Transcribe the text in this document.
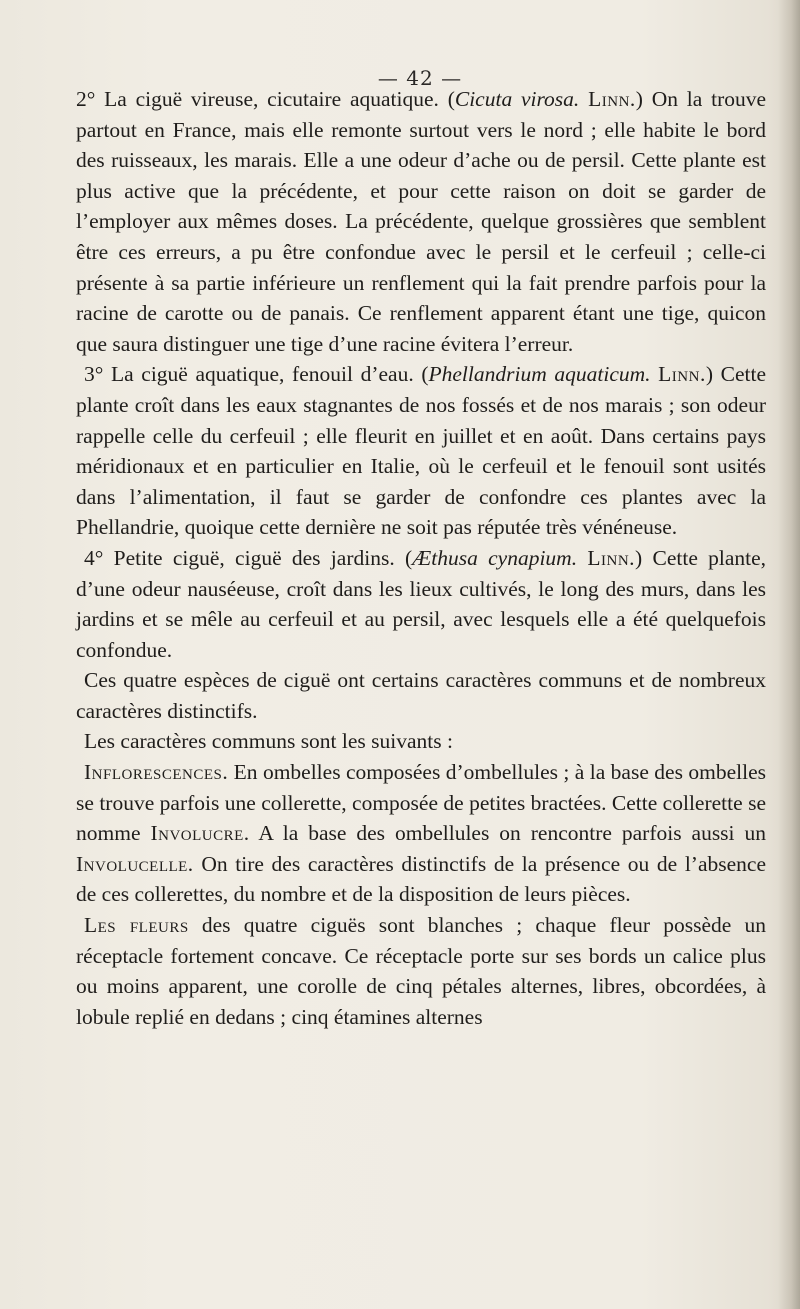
— 42 —

2° La ciguë vireuse, cicutaire aquatique. (Cicuta virosa. Linn.) On la trouve partout en France, mais elle remonte surtout vers le nord ; elle habite le bord des ruisseaux, les marais. Elle a une odeur d’ache ou de persil. Cette plante est plus active que la précédente, et pour cette raison on doit se garder de l’employer aux mêmes doses. La précédente, quelque grossières que semblent être ces erreurs, a pu être confondue avec le persil et le cerfeuil ; celle-ci présente à sa partie inférieure un renflement qui la fait prendre parfois pour la racine de carotte ou de panais. Ce renflement apparent étant une tige, quicon que saura distinguer une tige d’une racine évitera l’erreur.

3° La ciguë aquatique, fenouil d’eau. (Phellandrium aquaticum. Linn.) Cette plante croît dans les eaux stagnantes de nos fossés et de nos marais ; son odeur rappelle celle du cerfeuil ; elle fleurit en juillet et en août. Dans certains pays méridionaux et en particulier en Italie, où le cerfeuil et le fenouil sont usités dans l’alimentation, il faut se garder de confondre ces plantes avec la Phellandrie, quoique cette dernière ne soit pas réputée très vénéneuse.

4° Petite ciguë, ciguë des jardins. (Æthusa cynapium. Linn.) Cette plante, d’une odeur nauséeuse, croît dans les lieux cultivés, le long des murs, dans les jardins et se mêle au cerfeuil et au persil, avec lesquels elle a été quelquefois confondue.

Ces quatre espèces de ciguë ont certains caractères communs et de nombreux caractères distinctifs.

Les caractères communs sont les suivants :

Inflorescences. En ombelles composées d’ombellules ; à la base des ombelles se trouve parfois une collerette, composée de petites bractées. Cette collerette se nomme Involucre. A la base des ombellules on rencontre parfois aussi un Involucelle. On tire des caractères distinctifs de la présence ou de l’absence de ces collerettes, du nombre et de la disposition de leurs pièces.

Les fleurs des quatre ciguës sont blanches ; chaque fleur possède un réceptacle fortement concave. Ce réceptacle porte sur ses bords un calice plus ou moins apparent, une corolle de cinq pétales alternes, libres, obcordées, à lobule replié en dedans ; cinq étamines alternes
